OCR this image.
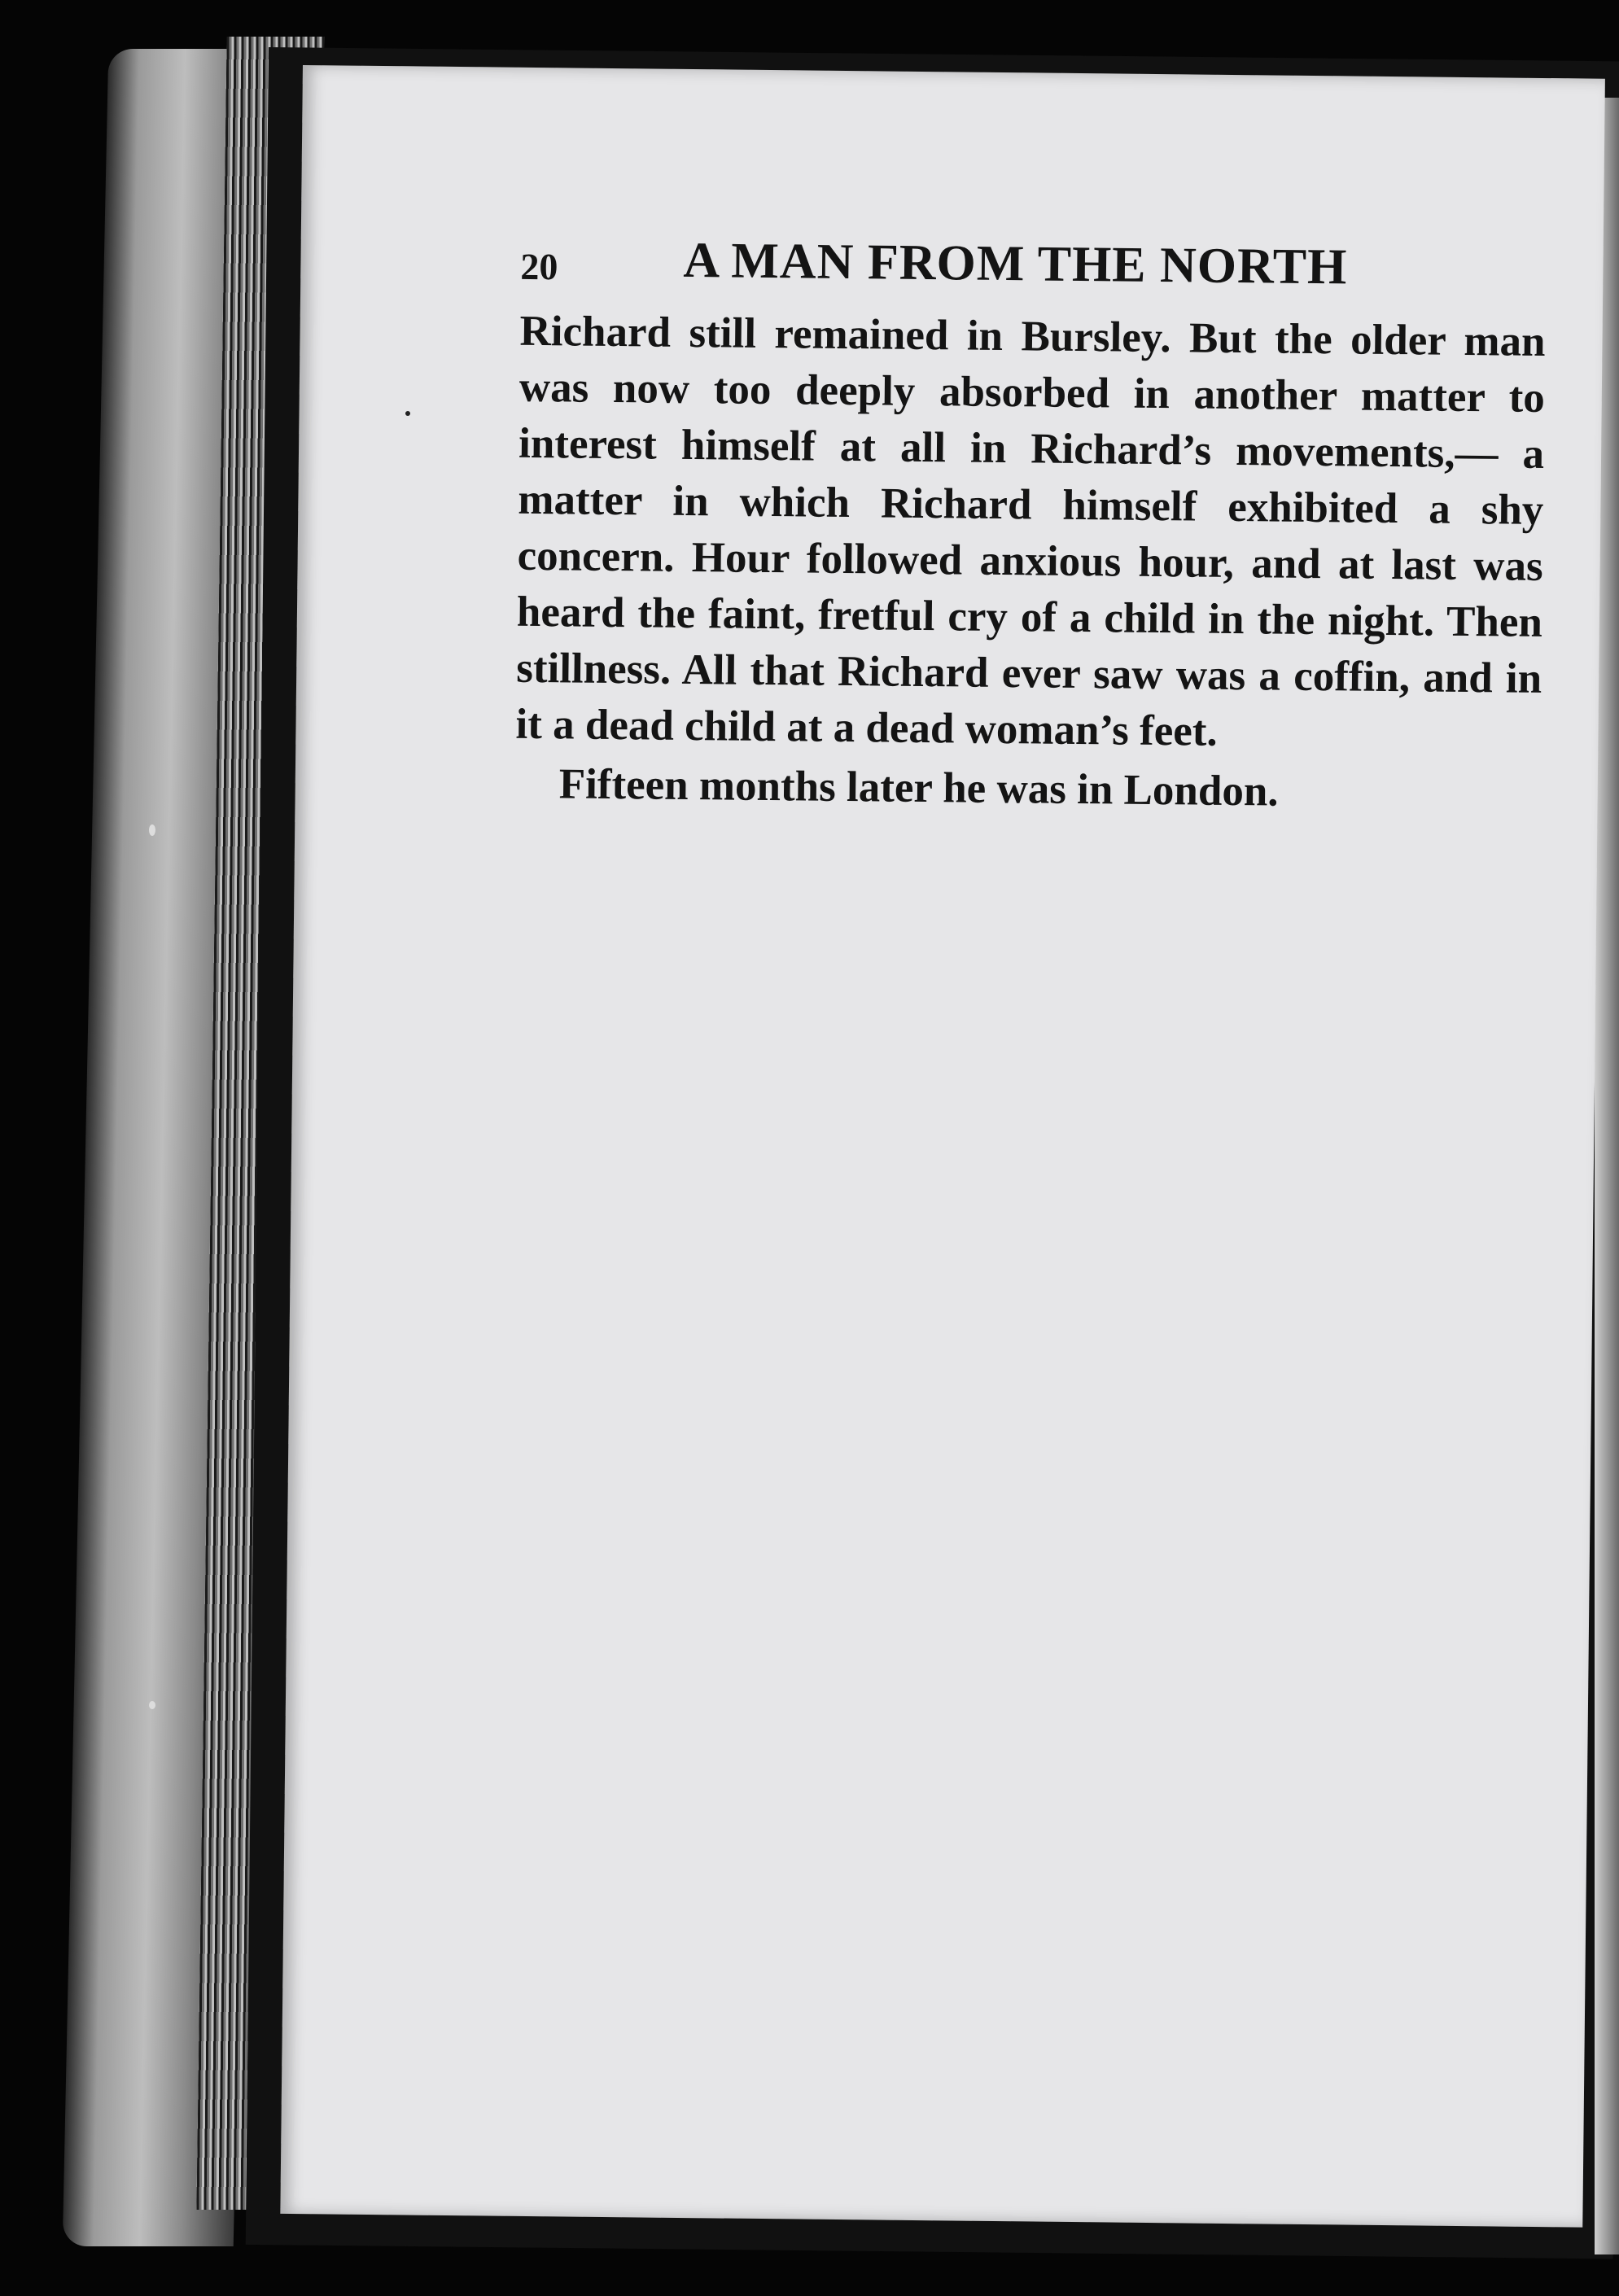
20 A MAN FROM THE NORTH

Richard still remained in Bursley. But the older man was now too deeply absorbed in another matter to interest himself at all in Richard’s movements,— a matter in which Richard himself exhibited a shy concern. Hour followed anxious hour, and at last was heard the faint, fretful cry of a child in the night. Then stillness. All that Richard ever saw was a coffin, and in it a dead child at a dead woman’s feet.

Fifteen months later he was in London.
